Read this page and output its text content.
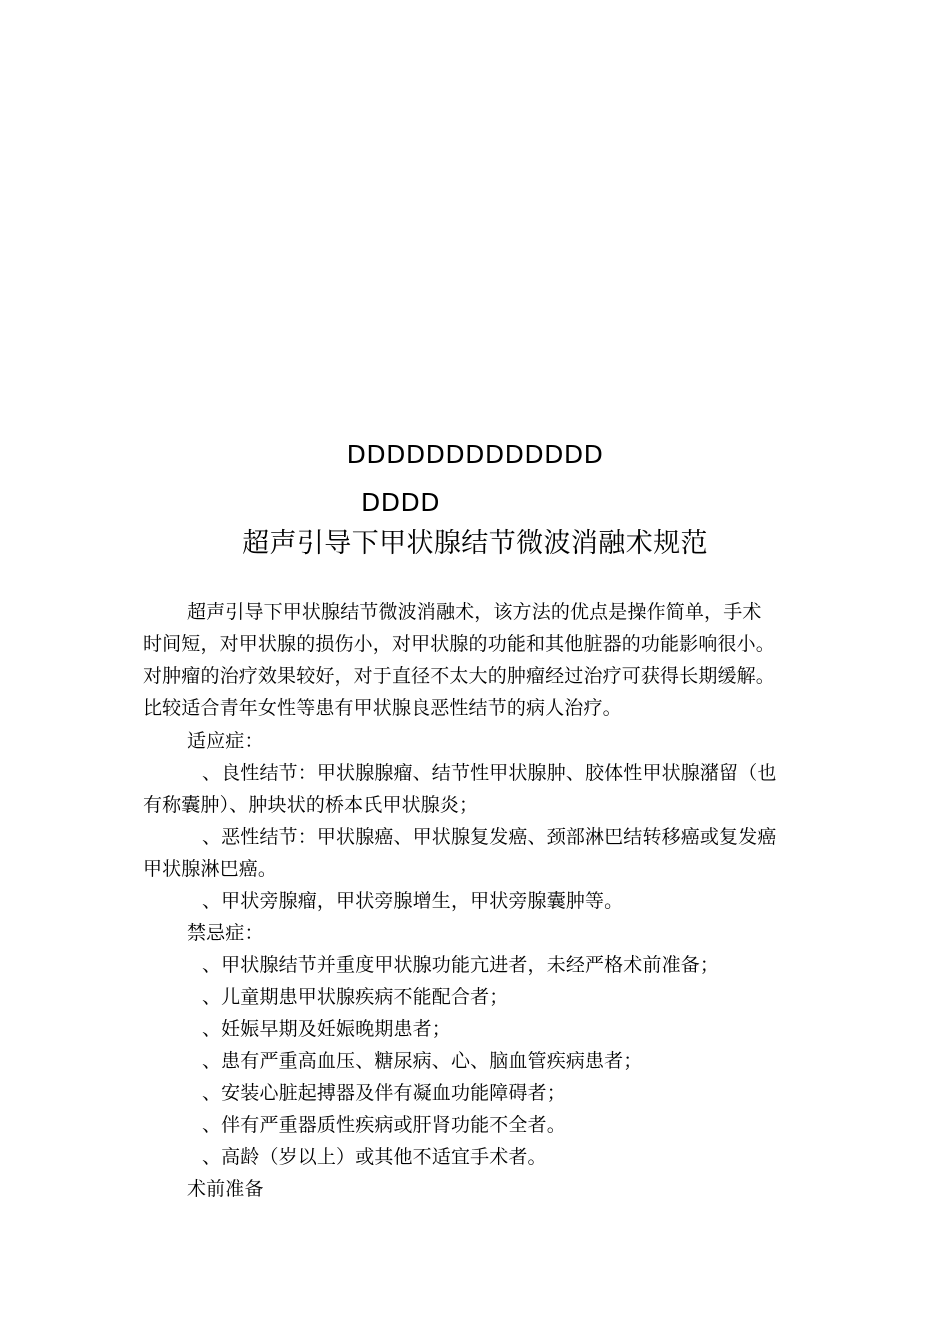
DDDDDDDDDDDDD
DDDD
超声引导下甲状腺结节微波消融术规范
超声引导下甲状腺结节微波消融术，该方法的优点是操作简单，手术
时间短，对甲状腺的损伤小，对甲状腺的功能和其他脏器的功能影响很小。
对肿瘤的治疗效果较好，对于直径不太大的肿瘤经过治疗可获得长期缓解。
比较适合青年女性等患有甲状腺良恶性结节的病人治疗。
适应症：
、良性结节：甲状腺腺瘤、结节性甲状腺肿、胶体性甲状腺潴留（也
有称囊肿）、肿块状的桥本氏甲状腺炎；
、恶性结节：甲状腺癌、甲状腺复发癌、颈部淋巴结转移癌或复发癌
甲状腺淋巴癌。
、甲状旁腺瘤，甲状旁腺增生，甲状旁腺囊肿等。
禁忌症：
、甲状腺结节并重度甲状腺功能亢进者，未经严格术前准备；
、儿童期患甲状腺疾病不能配合者；
、妊娠早期及妊娠晚期患者；
、患有严重高血压、糖尿病、心、脑血管疾病患者；
、安装心脏起搏器及伴有凝血功能障碍者；
、伴有严重器质性疾病或肝肾功能不全者。
、高龄（岁以上）或其他不适宜手术者。
术前准备
